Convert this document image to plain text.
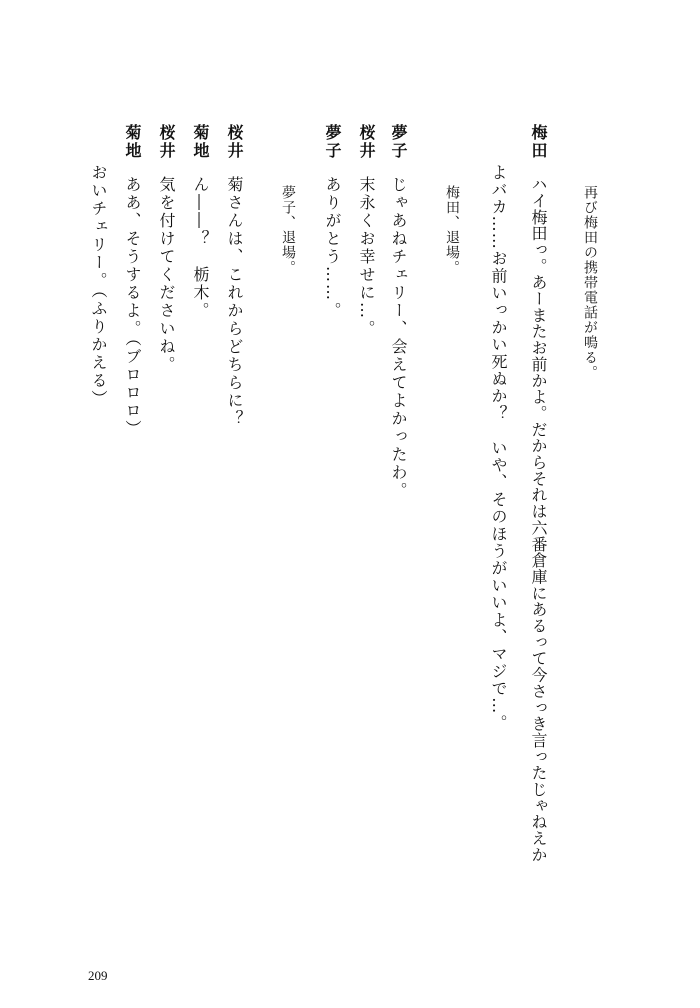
再び梅田の携帯電話が鳴る。
梅田ハイ梅田っ。あーまたお前かよ。だからそれは六番倉庫にあるって今さっき言ったじゃねえか
よバカ……お前いっかい死ぬか？　いや、そのほうがいいよ、マジで…。
梅田、退場。
夢子じゃあねチェリー、会えてよかったわ。
桜井末永くお幸せに…。
夢子ありがとう……。
夢子、退場。
桜井菊さんは、これからどちらに？
菊地ん――？　栃木。
桜井気を付けてくださいね。
菊地ああ、そうするよ。（ブロロロ）
おいチェリー。（ふりかえる）
209
